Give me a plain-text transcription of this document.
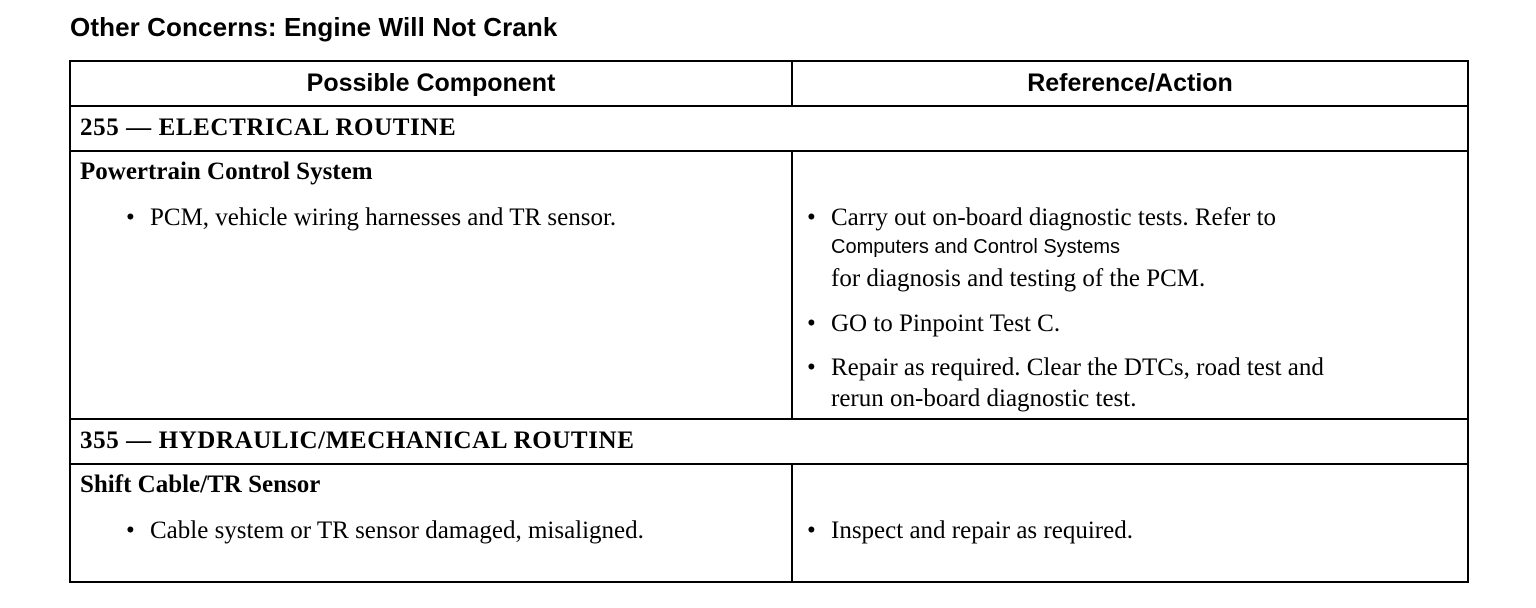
Other Concerns: Engine Will Not Crank
Possible Component	Reference/Action
255 — ELECTRICAL ROUTINE
Powertrain Control System
• PCM, vehicle wiring harnesses and TR sensor.	• Carry out on-board diagnostic tests. Refer to
Computers and Control Systems
for diagnosis and testing of the PCM.
• GO to Pinpoint Test C.
• Repair as required. Clear the DTCs, road test and
rerun on-board diagnostic test.
355 — HYDRAULIC/MECHANICAL ROUTINE
Shift Cable/TR Sensor
• Cable system or TR sensor damaged, misaligned.	• Inspect and repair as required.
